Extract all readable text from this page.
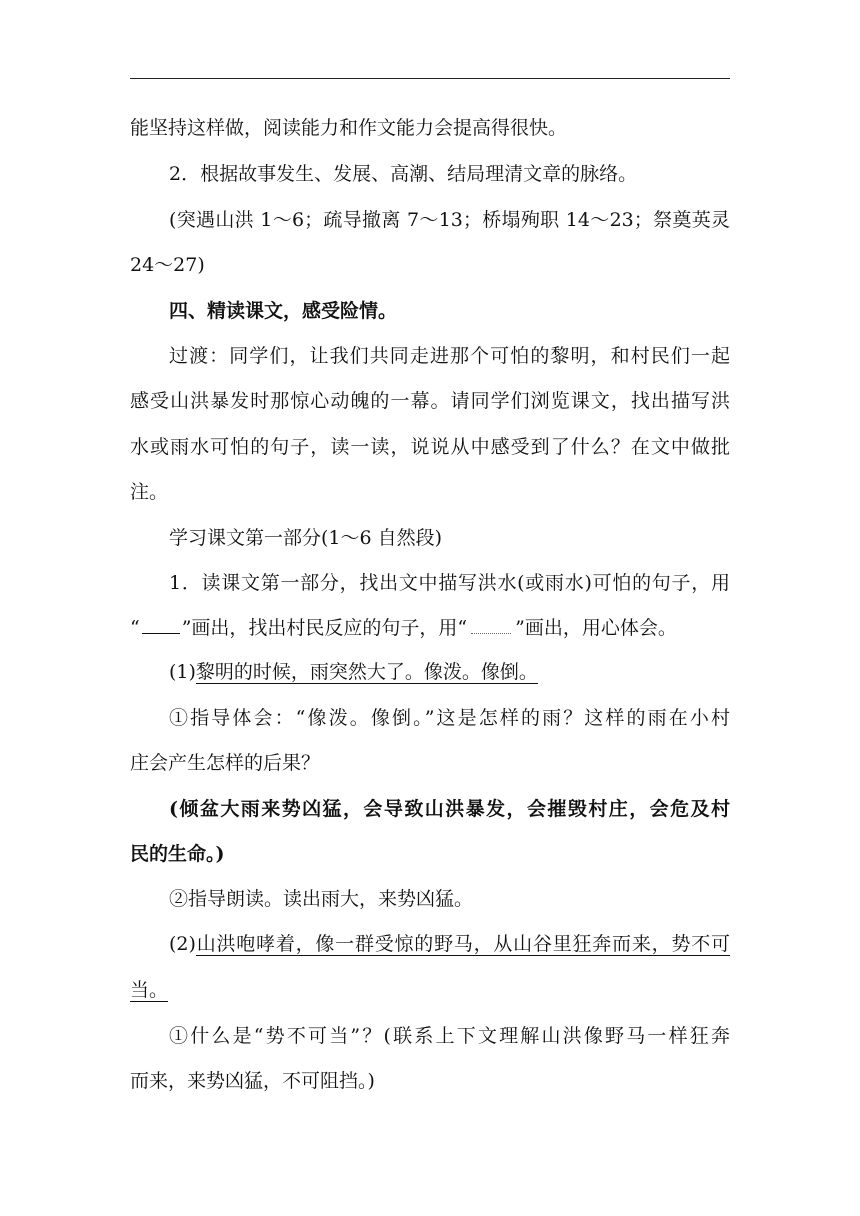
能坚持这样做，阅读能力和作文能力会提高得很快。
2．根据故事发生、发展、高潮、结局理清文章的脉络。
(突遇山洪 1～6；疏导撤离 7～13；桥塌殉职 14～23；祭奠英灵
24～27)
四、精读课文，感受险情。
过渡：同学们，让我们共同走进那个可怕的黎明，和村民们一起
感受山洪暴发时那惊心动魄的一幕。请同学们浏览课文，找出描写洪
水或雨水可怕的句子，读一读，说说从中感受到了什么？在文中做批
注。
学习课文第一部分(1～6 自然段)
1．读课文第一部分，找出文中描写洪水(或雨水)可怕的句子，用
“ ”画出，找出村民反应的句子，用“	”画出，用心体会。
(1)黎明的时候，雨突然大了。像泼。像倒。
①指导体会：“像泼。像倒。”这是怎样的雨？这样的雨在小村
庄会产生怎样的后果？
(倾盆大雨来势凶猛，会导致山洪暴发，会摧毁村庄，会危及村
民的生命。)
②指导朗读。读出雨大，来势凶猛。
(2)山洪咆哮着，像一群受惊的野马，从山谷里狂奔而来，势不可
当。
①什么是“势不可当”？(联系上下文理解山洪像野马一样狂奔
而来，来势凶猛，不可阻挡。)
